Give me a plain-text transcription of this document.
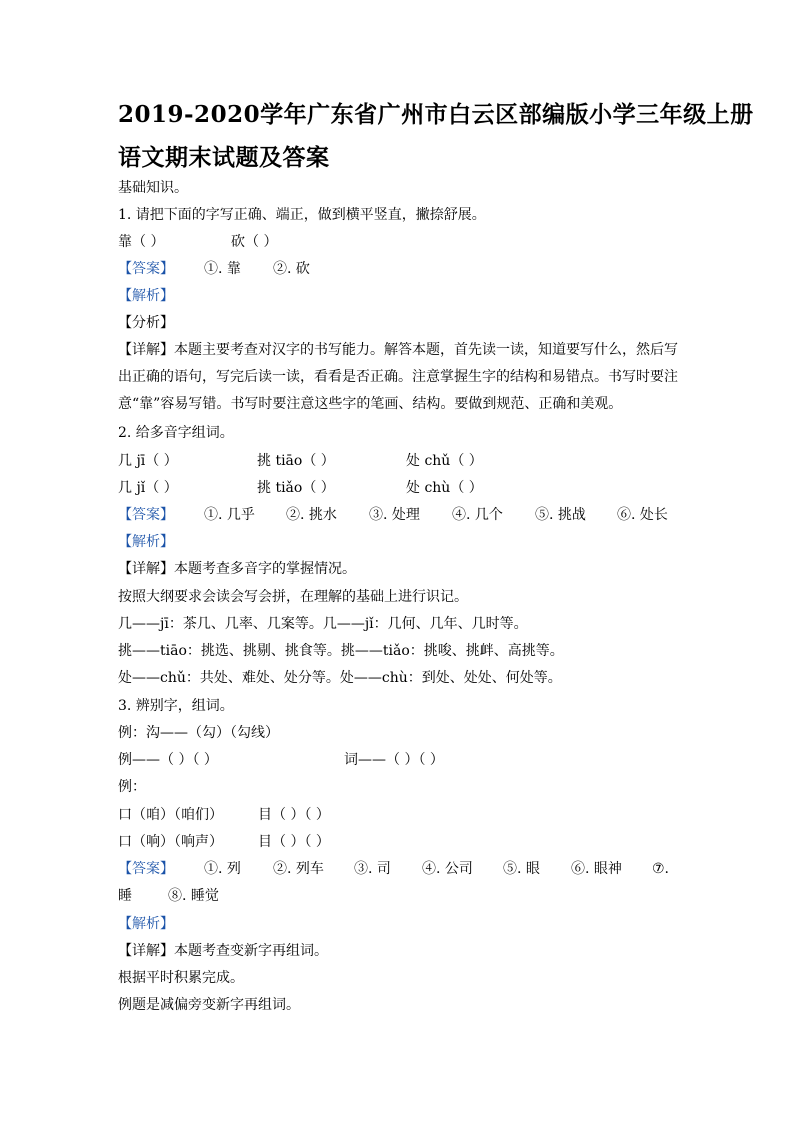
2019-2020学年广东省广州市白云区部编版小学三年级上册
语文期末试题及答案
基础知识。
1. 请把下面的字写正确、端正，做到横平竖直，撇捺舒展。
靠（ ）	砍（ ）
【答案】 ①. 靠 ②. 砍
【解析】
【分析】
【详解】本题主要考查对汉字的书写能力。解答本题，首先读一读，知道要写什么，然后写
出正确的语句，写完后读一读，看看是否正确。注意掌握生字的结构和易错点。书写时要注
意“靠”容易写错。书写时要注意这些字的笔画、结构。要做到规范、正确和美观。
2. 给多音字组词。
几 jī（ ）	挑 tiāo（ ）	处 chǔ（ ）
几 jǐ（ ）	挑 tiǎo（ ）	处 chù（ ）
【答案】 ①. 几乎 ②. 挑水 ③. 处理 ④. 几个 ⑤. 挑战 ⑥. 处长
【解析】
【详解】本题考查多音字的掌握情况。
按照大纲要求会读会写会拼，在理解的基础上进行识记。
几——jī：茶几、几率、几案等。几——jǐ：几何、几年、几时等。
挑——tiāo：挑选、挑剔、挑食等。挑——tiǎo：挑唆、挑衅、高挑等。
处——chǔ：共处、难处、处分等。处——chù：到处、处处、何处等。
3. 辨别字，组词。
例：沟——（勾）（勾线）
例——（ ）（ ）	词——（ ）（ ）
例：
口（咱）（咱们）	目（ ）（ ）
口（响）（响声）	目（ ）（ ）
【答案】 ①. 列 ②. 列车 ③. 司 ④. 公司 ⑤. 眼 ⑥. 眼神 ⑦.
睡	⑧. 睡觉
【解析】
【详解】本题考查变新字再组词。
根据平时积累完成。
例题是减偏旁变新字再组词。
